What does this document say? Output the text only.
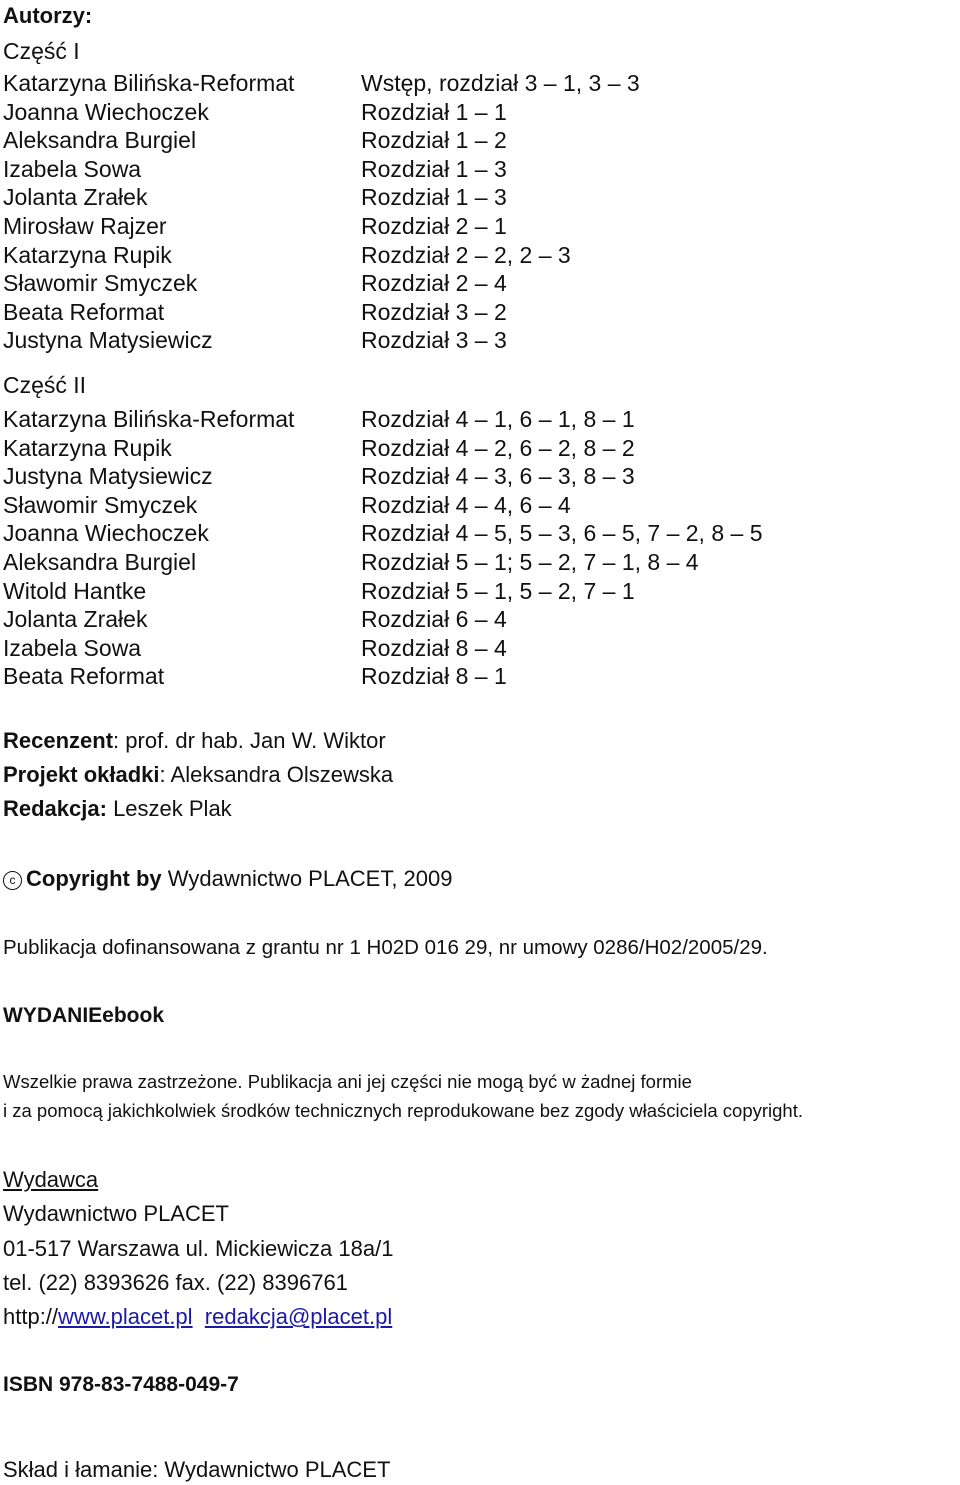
Autorzy:
Część I
Katarzyna Bilińska-Reformat	Wstęp, rozdział 3 – 1, 3 – 3
Joanna Wiechoczek	Rozdział 1 – 1
Aleksandra Burgiel	Rozdział 1 – 2
Izabela Sowa	Rozdział 1 – 3
Jolanta Zrałek	Rozdział 1 – 3
Mirosław Rajzer	Rozdział 2 – 1
Katarzyna Rupik	Rozdział 2 – 2, 2 – 3
Sławomir Smyczek	Rozdział 2 – 4
Beata Reformat	Rozdział 3 – 2
Justyna Matysiewicz	Rozdział 3 – 3
Część II
Katarzyna Bilińska-Reformat	Rozdział 4 – 1, 6 – 1, 8 – 1
Katarzyna Rupik	Rozdział 4 – 2, 6 – 2, 8 – 2
Justyna Matysiewicz	Rozdział 4 – 3, 6 – 3, 8 – 3
Sławomir Smyczek	Rozdział 4 – 4, 6 – 4
Joanna Wiechoczek	Rozdział 4 – 5, 5 – 3, 6 – 5, 7 – 2, 8 – 5
Aleksandra Burgiel	Rozdział 5 – 1; 5 – 2, 7 – 1, 8 – 4
Witold Hantke	Rozdział 5 – 1, 5 – 2, 7 – 1
Jolanta Zrałek	Rozdział 6 – 4
Izabela Sowa	Rozdział 8 – 4
Beata Reformat	Rozdział 8 – 1
Recenzent: prof. dr hab. Jan W. Wiktor
Projekt okładki: Aleksandra Olszewska
Redakcja: Leszek Plak
c Copyright by Wydawnictwo PLACET, 2009
Publikacja dofinansowana z grantu nr 1 H02D 016 29, nr umowy 0286/H02/2005/29.
WYDANIEebook
Wszelkie prawa zastrzeżone. Publikacja ani jej części nie mogą być w żadnej formie
i za pomocą jakichkolwiek środków technicznych reprodukowane bez zgody właściciela copyright.
Wydawca
Wydawnictwo PLACET
01-517 Warszawa ul. Mickiewicza 18a/1
tel. (22) 8393626 fax. (22) 8396761
http://www.placet.pl redakcja@placet.pl
ISBN 978-83-7488-049-7
Skład i łamanie: Wydawnictwo PLACET
